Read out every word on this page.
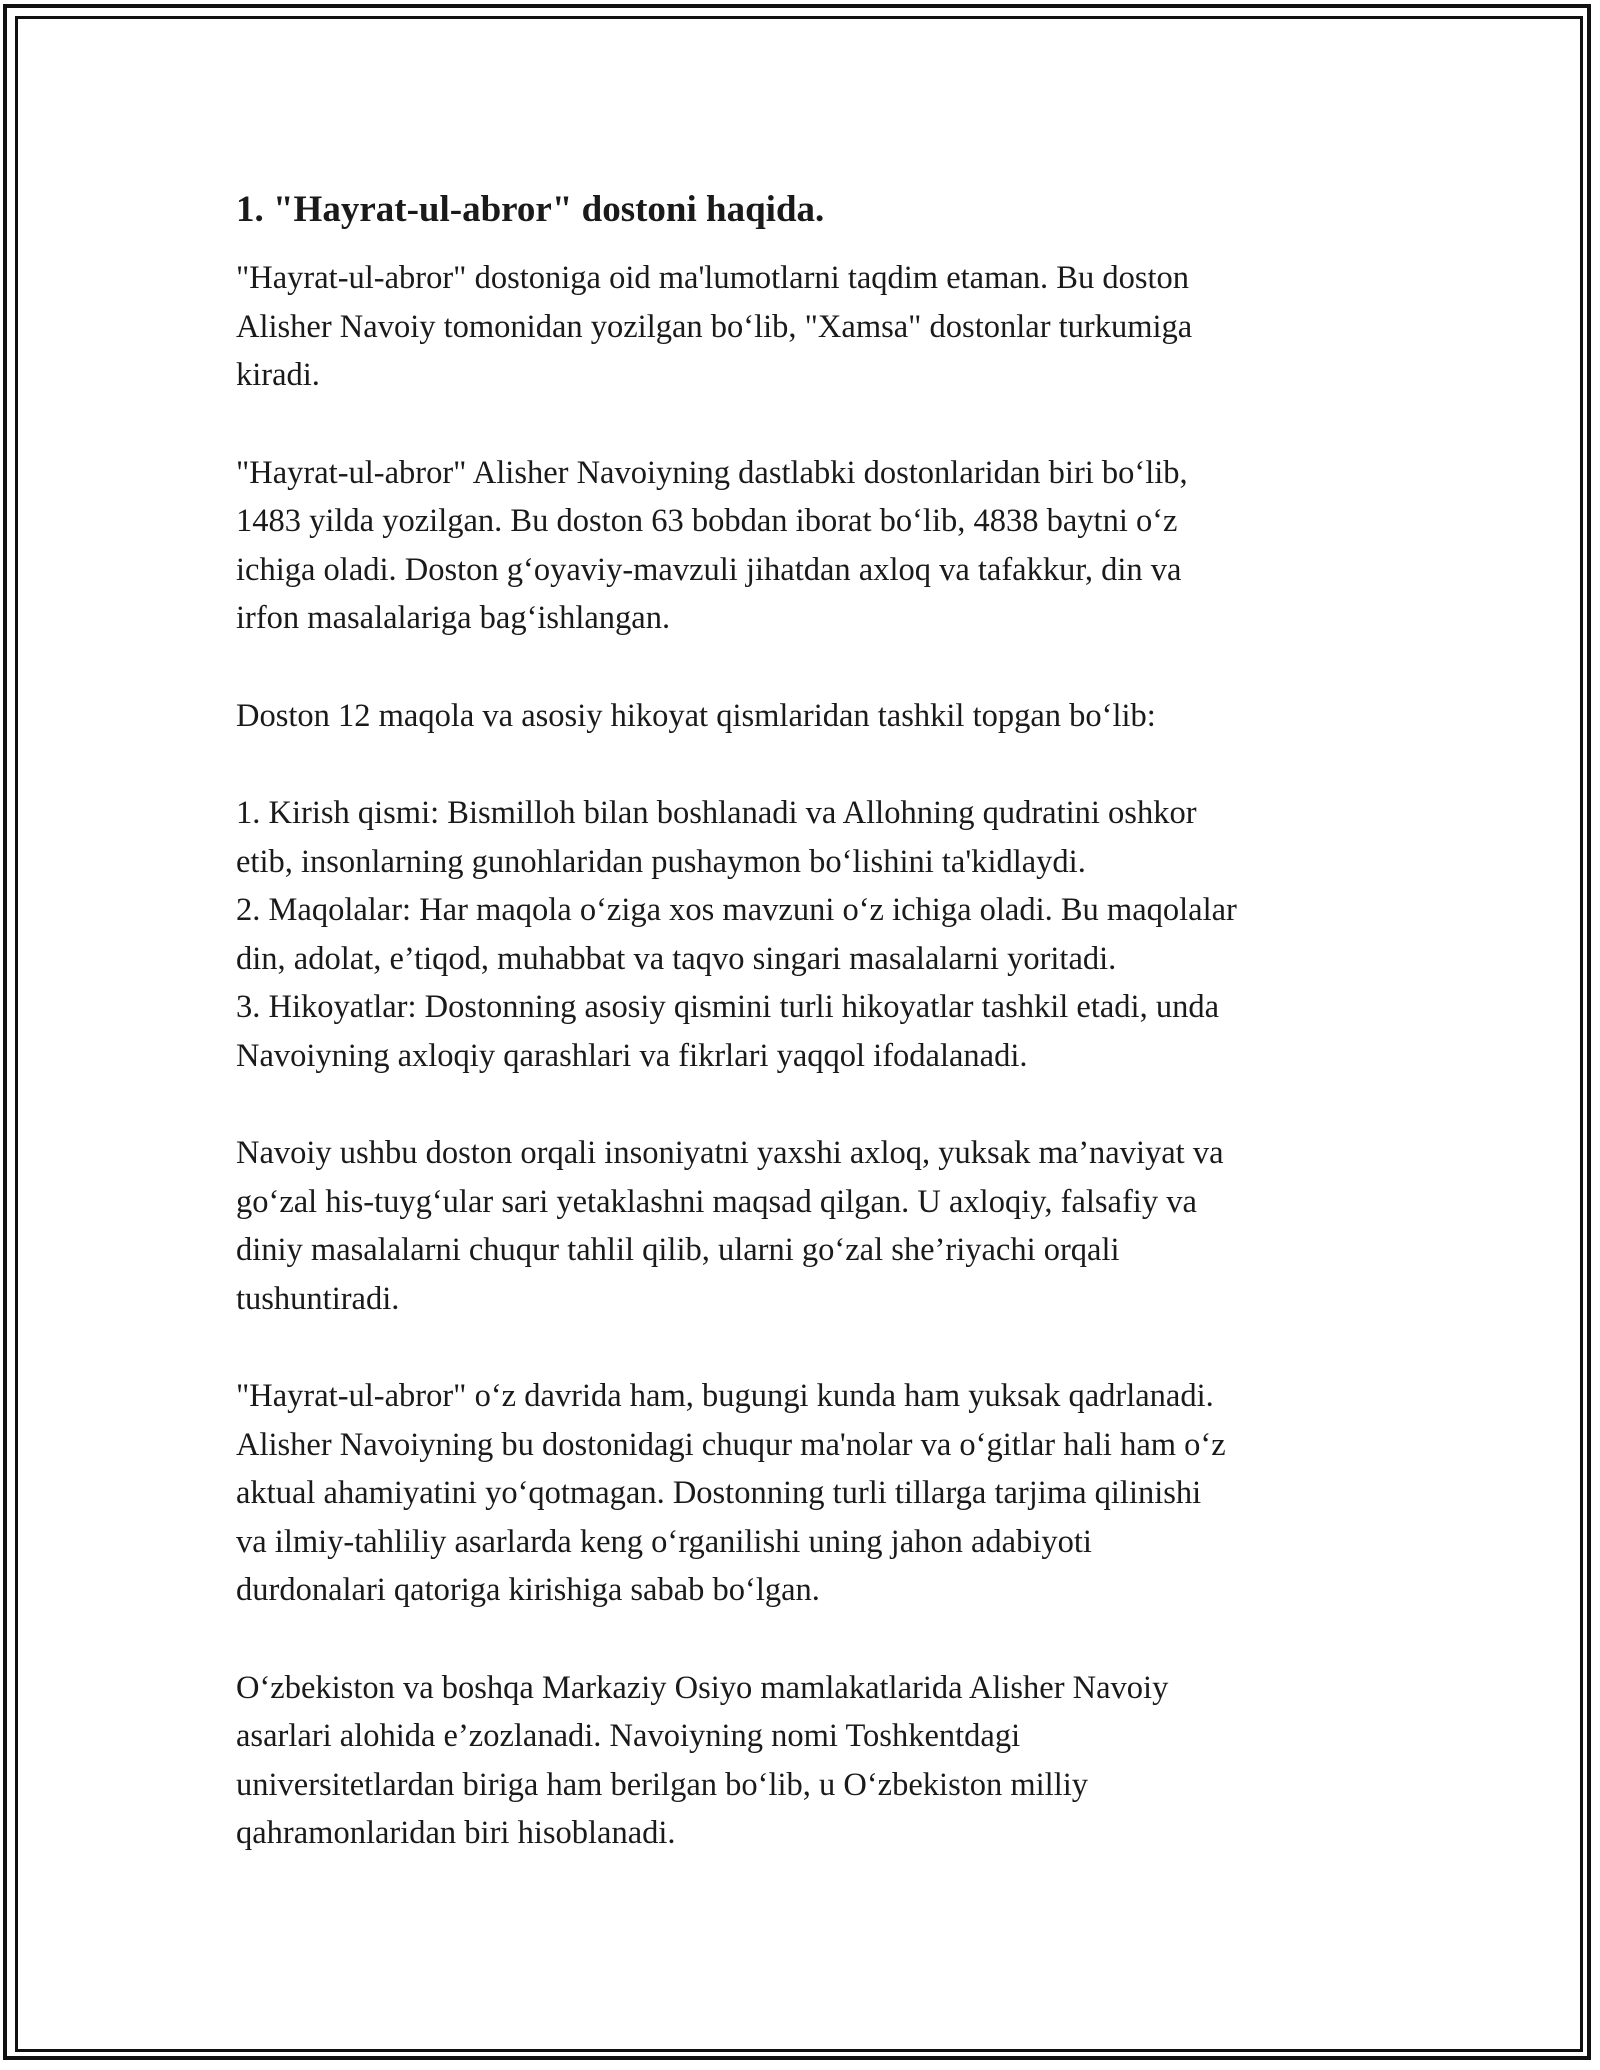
1. "Hayrat-ul-abror" dostoni haqida.

"Hayrat-ul-abror" dostoniga oid ma'lumotlarni taqdim etaman. Bu doston
Alisher Navoiy tomonidan yozilgan bo‘lib, "Xamsa" dostonlar turkumiga
kiradi.

"Hayrat-ul-abror" Alisher Navoiyning dastlabki dostonlaridan biri bo‘lib,
1483 yilda yozilgan. Bu doston 63 bobdan iborat bo‘lib, 4838 baytni o‘z
ichiga oladi. Doston g‘oyaviy-mavzuli jihatdan axloq va tafakkur, din va
irfon masalalariga bag‘ishlangan.

Doston 12 maqola va asosiy hikoyat qismlaridan tashkil topgan bo‘lib:

1. Kirish qismi: Bismilloh bilan boshlanadi va Allohning qudratini oshkor
etib, insonlarning gunohlaridan pushaymon bo‘lishini ta'kidlaydi.

2. Maqolalar: Har maqola o‘ziga xos mavzuni o‘z ichiga oladi. Bu maqolalar
din, adolat, e’tiqod, muhabbat va taqvo singari masalalarni yoritadi.

3. Hikoyatlar: Dostonning asosiy qismini turli hikoyatlar tashkil etadi, unda
Navoiyning axloqiy qarashlari va fikrlari yaqqol ifodalanadi.

Navoiy ushbu doston orqali insoniyatni yaxshi axloq, yuksak ma’naviyat va
go‘zal his-tuyg‘ular sari yetaklashni maqsad qilgan. U axloqiy, falsafiy va
diniy masalalarni chuqur tahlil qilib, ularni go‘zal she’riyachi orqali
tushuntiradi.

"Hayrat-ul-abror" o‘z davrida ham, bugungi kunda ham yuksak qadrlanadi.
Alisher Navoiyning bu dostonidagi chuqur ma'nolar va o‘gitlar hali ham o‘z
aktual ahamiyatini yo‘qotmagan. Dostonning turli tillarga tarjima qilinishi
va ilmiy-tahliliy asarlarda keng o‘rganilishi uning jahon adabiyoti
durdonalari qatoriga kirishiga sabab bo‘lgan.

O‘zbekiston va boshqa Markaziy Osiyo mamlakatlarida Alisher Navoiy
asarlari alohida e’zozlanadi. Navoiyning nomi Toshkentdagi
universitetlardan biriga ham berilgan bo‘lib, u O‘zbekiston milliy
qahramonlaridan biri hisoblanadi.
